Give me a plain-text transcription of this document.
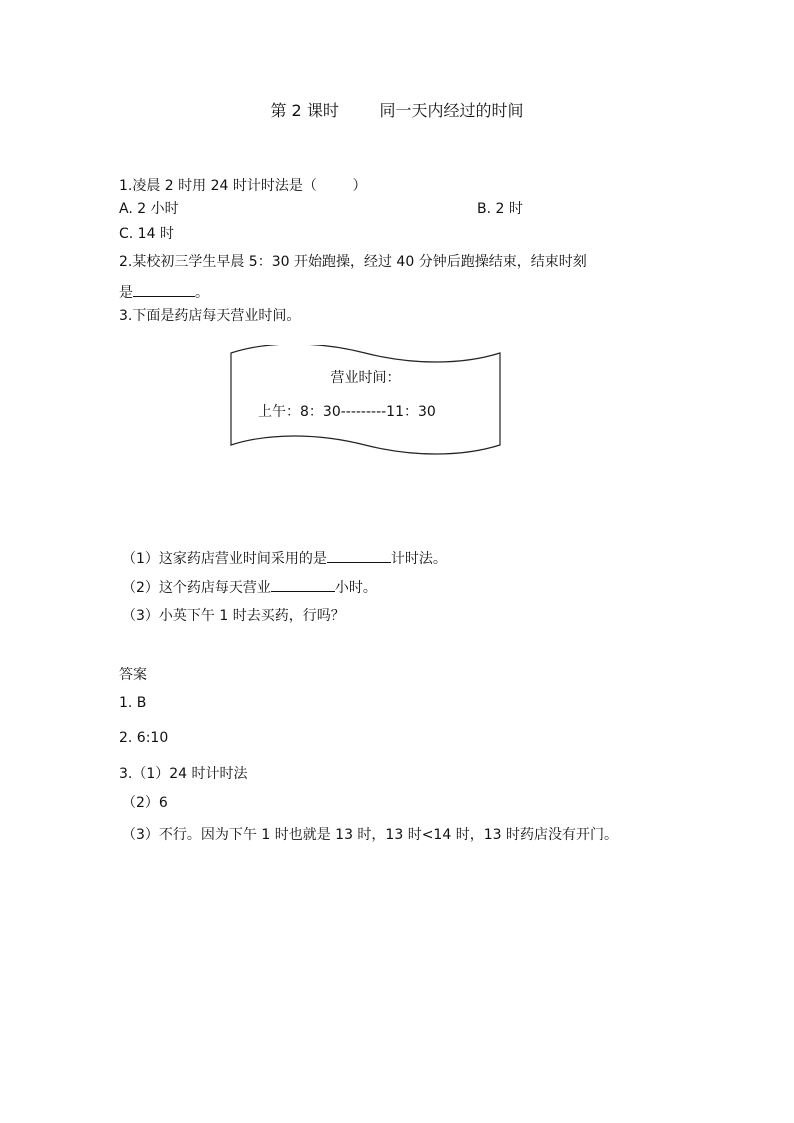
第 2 课时        同一天内经过的时间
1.凌晨 2 时用 24 时计时法是（        ）
A. 2 小时	B. 2 时
C. 14 时
2.某校初三学生早晨 5：30 开始跑操，经过 40 分钟后跑操结束，结束时刻
是	。
3.下面是药店每天营业时间。
营业时间：
上午：8：30---------11：30
（1）这家药店营业时间采用的是	计时法。
（2）这个药店每天营业	小时。
（3）小英下午 1 时去买药，行吗？
答案
1. B
2. 6:10
3.（1）24 时计时法
（2）6
（3）不行。因为下午 1 时也就是 13 时，13 时<14 时，13 时药店没有开门。
